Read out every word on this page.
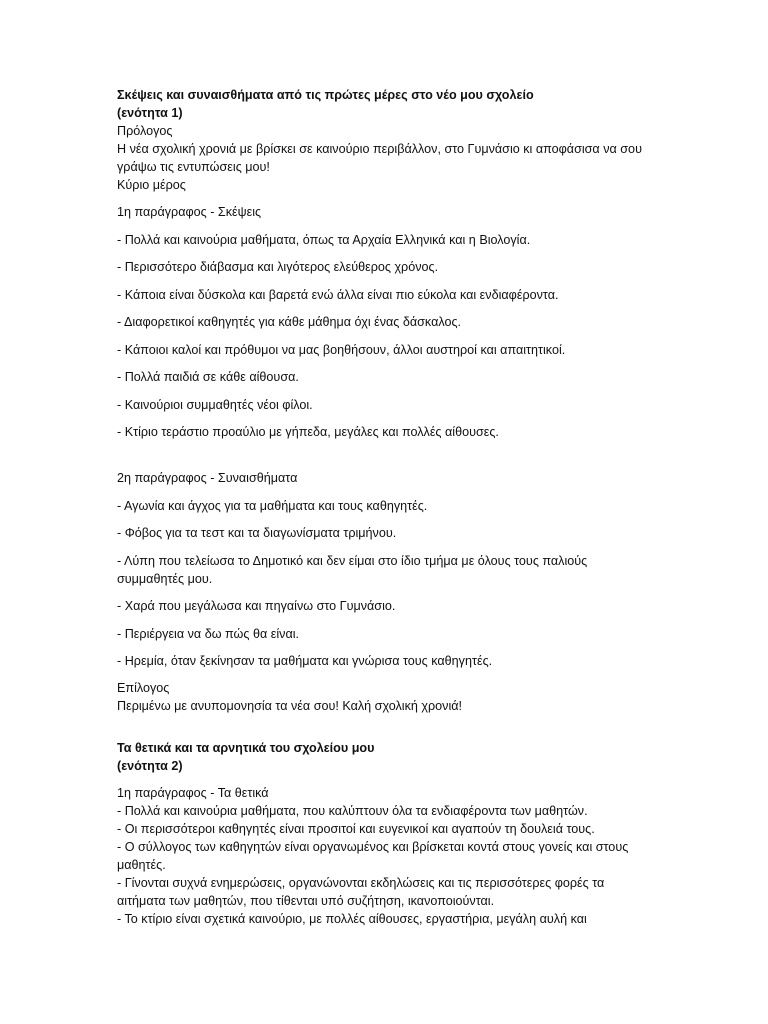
Σκέψεις και συναισθήματα από τις πρώτες μέρες στο νέο μου σχολείο

(ενότητα 1)

Πρόλογος

Η νέα σχολική χρονιά με βρίσκει σε καινούριο περιβάλλον, στο Γυμνάσιο κι αποφάσισα να σου γράψω τις εντυπώσεις μου!

Κύριο μέρος

1η παράγραφος - Σκέψεις

- Πολλά και καινούρια μαθήματα, όπως τα Αρχαία Ελληνικά και η Βιολογία.

- Περισσότερο διάβασμα και λιγότερος ελεύθερος χρόνος.

- Κάποια είναι δύσκολα και βαρετά ενώ άλλα είναι πιο εύκολα και ενδιαφέροντα.

- Διαφορετικοί καθηγητές για κάθε μάθημα όχι ένας δάσκαλος.

- Κάποιοι καλοί και πρόθυμοι να μας βοηθήσουν, άλλοι αυστηροί και απαιτητικοί.

- Πολλά παιδιά σε κάθε αίθουσα.

- Καινούριοι συμμαθητές νέοι φίλοι.

- Κτίριο τεράστιο προαύλιο με γήπεδα, μεγάλες και πολλές αίθουσες.

2η παράγραφος - Συναισθήματα

- Αγωνία και άγχος για τα μαθήματα και τους καθηγητές.

- Φόβος για τα τεστ και τα διαγωνίσματα τριμήνου.

- Λύπη που τελείωσα το Δημοτικό και δεν είμαι στο ίδιο τμήμα με όλους τους παλιούς συμμαθητές μου.

- Χαρά που μεγάλωσα και πηγαίνω στο Γυμνάσιο.

- Περιέργεια να δω πώς θα είναι.

- Ηρεμία, όταν ξεκίνησαν τα μαθήματα και γνώρισα τους καθηγητές.

Επίλογος

Περιμένω με ανυπομονησία τα νέα σου! Καλή σχολική χρονιά!

Τα θετικά και τα αρνητικά του σχολείου μου

(ενότητα 2)

1η παράγραφος - Τα θετικά

- Πολλά και καινούρια μαθήματα, που καλύπτουν όλα τα ενδιαφέροντα των μαθητών.

- Οι περισσότεροι καθηγητές είναι προσιτοί και ευγενικοί και αγαπούν τη δουλειά τους.

- Ο σύλλογος των καθηγητών είναι οργανωμένος και βρίσκεται κοντά στους γονείς και στους μαθητές.

- Γίνονται συχνά ενημερώσεις, οργανώνονται εκδηλώσεις και τις περισσότερες φορές τα αιτήματα των μαθητών, που τίθενται υπό συζήτηση, ικανοποιούνται.

- Το κτίριο είναι σχετικά καινούριο, με πολλές αίθουσες, εργαστήρια, μεγάλη αυλή και
